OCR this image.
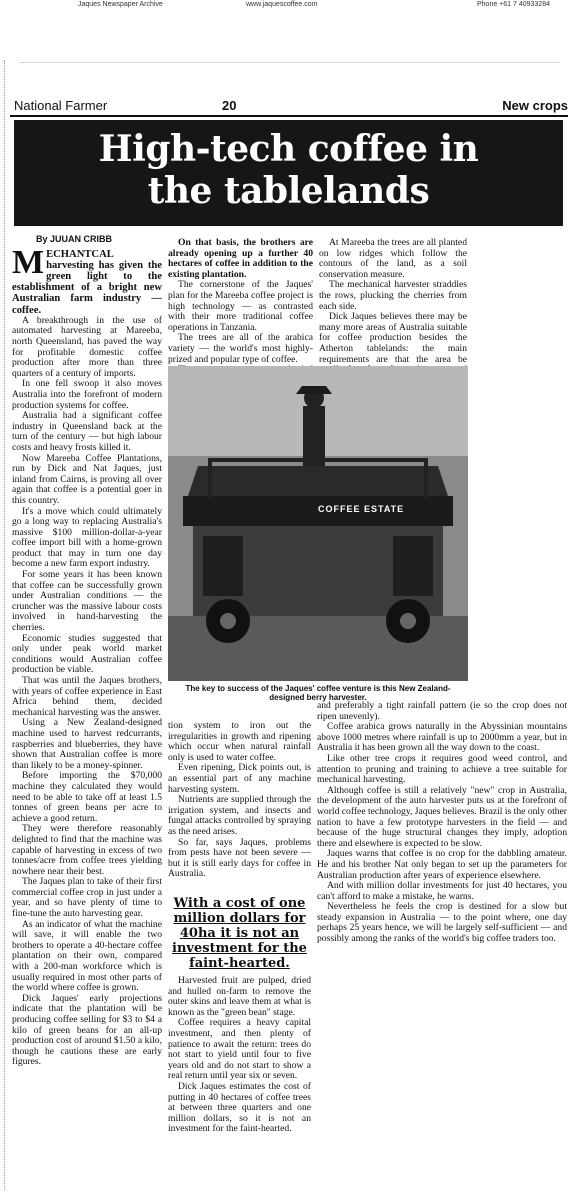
Jaques Newspaper Archive	www.jaquescoffee.com	Phone +61 7 40933284
National Farmer	20	New crops
High-tech coffee in
the tablelands
By JUUAN CRIBB
MECHANTCAL harvesting has given the green light to the establishment of a bright new Australian farm industry — coffee.

A breakthrough in the use of automated harvesting at Mareeba, north Queensland, has paved the way for profitable domestic coffee production after more than three quarters of a century of imports.

In one fell swoop it also moves Australia into the forefront of modern production systems for coffee.

Australia had a significant coffee industry in Queensland back at the turn of the century — but high labour costs and heavy frosts killed it.

Now Mareeba Coffee Plantations, run by Dick and Nat Jaques, just inland from Cairns, is proving all over again that coffee is a potential goer in this country.

It's a move which could ultimately go a long way to replacing Australia's massive $100 million-dollar-a-year coffee import bill with a home-grown product that may in turn one day become a new farm export industry.

For some years it has been known that coffee can be successfully grown under Australian conditions — the cruncher was the massive labour costs involved in hand-harvesting the cherries.

Economic studies suggested that only under peak world market conditions would Australian coffee production be viable.

That was until the Jaques brothers, with years of coffee experience in East Africa behind them, decided mechanical harvesting was the answer.

Using a New Zealand-designed machine used to harvest redcurrants, raspberries and blueberries, they have shown that Australian coffee is more than likely to be a money-spinner.

Before importing the $70,000 machine they calculated they would need to be able to take off at least 1.5 tonnes of green beans per acre to achieve a good return.

They were therefore reasonably delighted to find that the machine was capable of harvesting in excess of two tonnes/acre from coffee trees yielding nowhere near their best.

The Jaques plan to take of their first commercial coffee crop in just under a year, and so have plenty of time to fine-tune the auto harvesting gear.

As an indicator of what the machine will save, it will enable the two brothers to operate a 40-hectare coffee plantation on their own, compared with a 200-man workforce which is usually required in most other parts of the world where coffee is grown.

Dick Jaques' early projections indicate that the plantation will be producing coffee selling for $3 to $4 a kilo of green beans for an all-up production cost of around $1.50 a kilo, though he cautions these are early figures.

On that basis, the brothers are already opening up a further 40 hectares of coffee in addition to the existing plantation.

The cornerstone of the Jaques' plan for the Mareeba coffee project is high technology — as contrasted with their more traditional coffee operations in Tanzania.

The trees are all of the arabica variety — the world's most highly-prized and popular type of coffee.

At Mareeba the trees are all planted on low ridges which follow the contours of the land, as a soil conservation measure.

The mechanical harvester straddles the rows, plucking the cherries from each side.

Dick Jaques believes there may be many more areas of Australia suitable for coffee production besides the Atherton tablelands: the main requirements are that the area be

COFFEE ESTATE
The key to success of the Jaques' coffee venture is this New Zealand-designed berry harvester.

tion system to iron out the irregularities in growth and ripening which occur when natural rainfall only is used to water coffee.

Even ripening, Dick points out, is an essential part of any machine harvesting system.

Nutrients are supplied through the irrigation system, and insects and fungal attacks controlled by spraying as the need arises.

So far, says Jaques, problems from pests have not been severe — but it is still early days for coffee in Australia.

With a cost of one million dollars for 40ha it is not an investment for the faint-hearted.

Harvested fruit are pulped, dried and hulled on-farm to remove the outer skins and leave them at what is known as the "green bean" stage.

Coffee requires a heavy capital investment, and then plenty of patience to await the return: trees do not start to yield until four to five years old and do not start to show a real return until year six or seven.

Dick Jaques estimates the cost of putting in 40 hectares of coffee trees at between three quarters and one million dollars, so it is not an investment for the faint-hearted.

and preferably a tight rainfall pattern (ie so the crop does not ripen unevenly).

Coffee arabica grows naturally in the Abyssinian mountains above 1000 metres where rainfall is up to 2000mm a year, but in Australia it has been grown all the way down to the coast.

Like other tree crops it requires good weed control, and attention to pruning and training to achieve a tree suitable for mechanical harvesting.

Although coffee is still a relatively "new" crop in Australia, the development of the auto harvester puts us at the forefront of world coffee technology, Jaques believes. Brazil is the only other nation to have a few prototype harvesters in the field — and because of the huge structural changes they imply, adoption there and elsewhere is expected to be slow.

Jaques warns that coffee is no crop for the dabbling amateur. He and his brother Nat only began to set up the parameters for Australian production after years of experience elsewhere.

And with million dollar investments for just 40 hectares, you can't afford to make a mistake, he warns.

Nevertheless he feels the crop is destined for a slow but steady expansion in Australia — to the point where, one day perhaps 25 years hence, we will be largely self-sufficient — and possibly among the ranks of the world's big coffee traders too.
